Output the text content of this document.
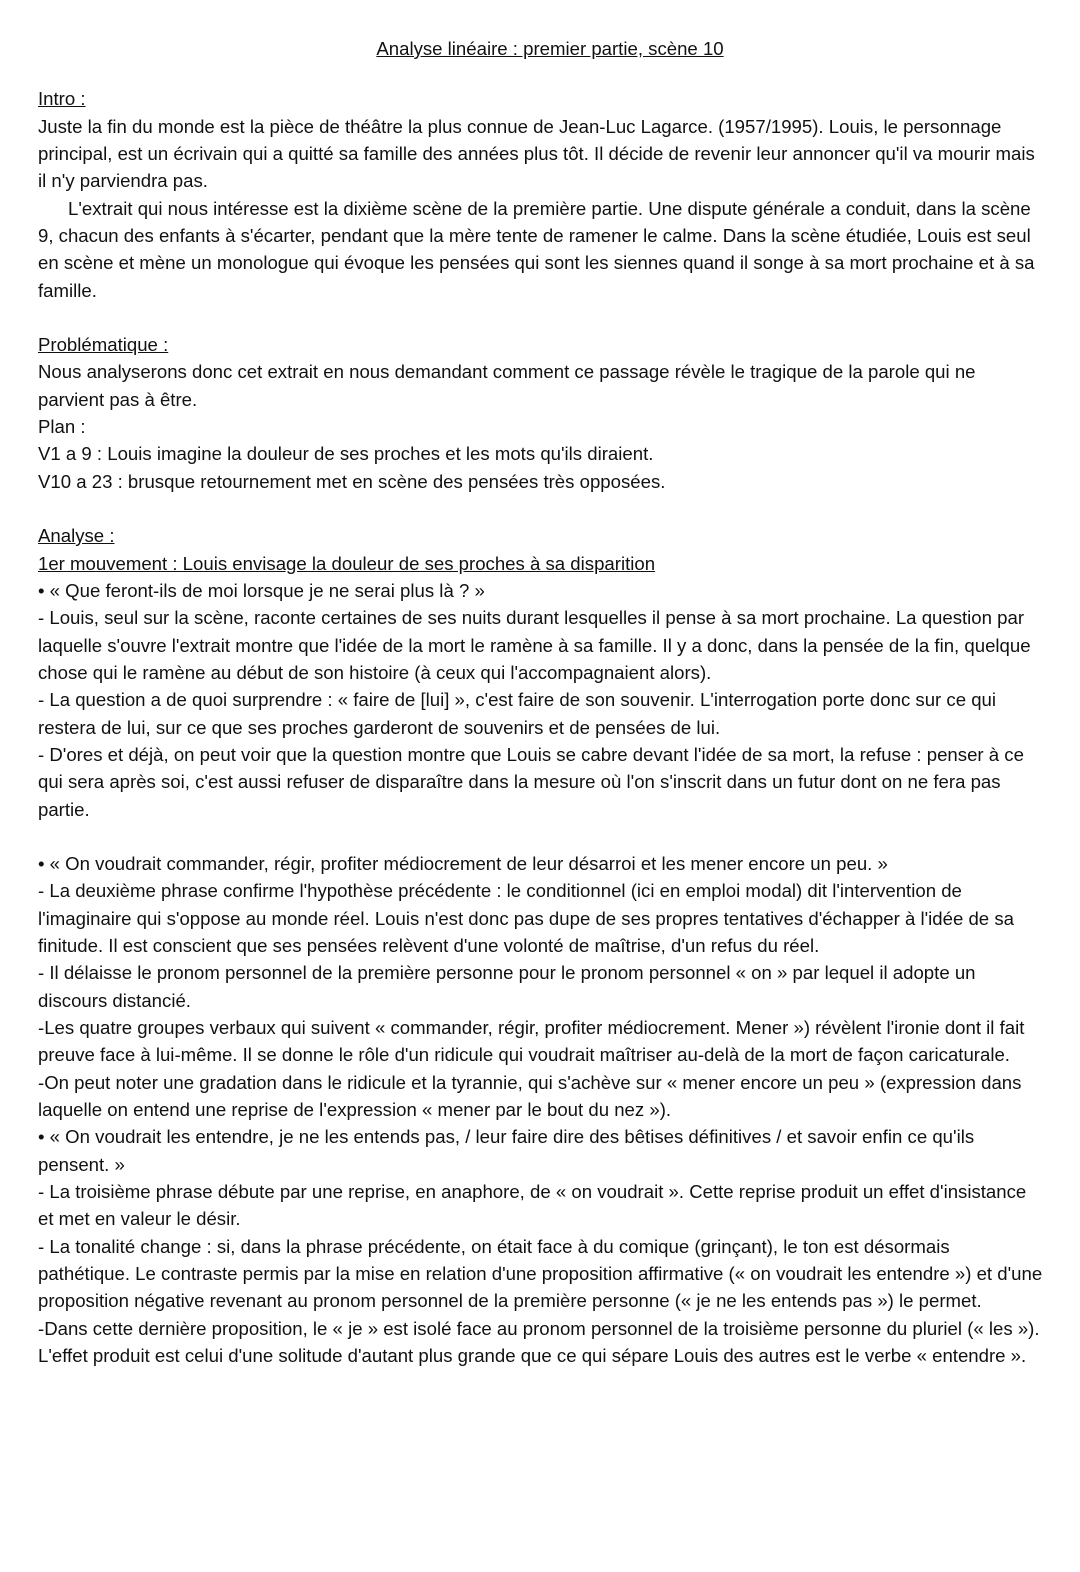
Analyse linéaire : premier partie, scène 10

Intro :

Juste la fin du monde est la pièce de théâtre la plus connue de Jean-Luc Lagarce. (1957/1995). Louis, le personnage principal, est un écrivain qui a quitté sa famille des années plus tôt. Il décide de revenir leur annoncer qu'il va mourir mais il n'y parviendra pas.

L'extrait qui nous intéresse est la dixième scène de la première partie. Une dispute générale a conduit, dans la scène 9, chacun des enfants à s'écarter, pendant que la mère tente de ramener le calme. Dans la scène étudiée, Louis est seul en scène et mène un monologue qui évoque les pensées qui sont les siennes quand il songe à sa mort prochaine et à sa famille.

Problématique :

Nous analyserons donc cet extrait en nous demandant comment ce passage révèle le tragique de la parole qui ne parvient pas à être.

Plan :

V1 a 9 : Louis imagine la douleur de ses proches et les mots qu'ils diraient.

V10 a 23 : brusque retournement met en scène des pensées très opposées.

Analyse :

1er mouvement : Louis envisage la douleur de ses proches à sa disparition

• « Que feront-ils de moi lorsque je ne serai plus là ? »

- Louis, seul sur la scène, raconte certaines de ses nuits durant lesquelles il pense à sa mort prochaine. La question par laquelle s'ouvre l'extrait montre que l'idée de la mort le ramène à sa famille. Il y a donc, dans la pensée de la fin, quelque chose qui le ramène au début de son histoire (à ceux qui l'accompagnaient alors).

- La question a de quoi surprendre : « faire de [lui] », c'est faire de son souvenir. L'interrogation porte donc sur ce qui restera de lui, sur ce que ses proches garderont de souvenirs et de pensées de lui.

- D'ores et déjà, on peut voir que la question montre que Louis se cabre devant l'idée de sa mort, la refuse : penser à ce qui sera après soi, c'est aussi refuser de disparaître dans la mesure où l'on s'inscrit dans un futur dont on ne fera pas partie.

• « On voudrait commander, régir, profiter médiocrement de leur désarroi et les mener encore un peu. »

- La deuxième phrase confirme l'hypothèse précédente : le conditionnel (ici en emploi modal) dit l'intervention de l'imaginaire qui s'oppose au monde réel. Louis n'est donc pas dupe de ses propres tentatives d'échapper à l'idée de sa finitude. Il est conscient que ses pensées relèvent d'une volonté de maîtrise, d'un refus du réel.

- Il délaisse le pronom personnel de la première personne pour le pronom personnel « on » par lequel il adopte un discours distancié.

-Les quatre groupes verbaux qui suivent « commander, régir, profiter médiocrement. Mener ») révèlent l'ironie dont il fait preuve face à lui-même. Il se donne le rôle d'un ridicule qui voudrait maîtriser au-delà de la mort de façon caricaturale.

-On peut noter une gradation dans le ridicule et la tyrannie, qui s'achève sur « mener encore un peu » (expression dans laquelle on entend une reprise de l'expression « mener par le bout du nez »).

• « On voudrait les entendre, je ne les entends pas, / leur faire dire des bêtises définitives / et savoir enfin ce qu'ils pensent. »

- La troisième phrase débute par une reprise, en anaphore, de « on voudrait ». Cette reprise produit un effet d'insistance et met en valeur le désir.

- La tonalité change : si, dans la phrase précédente, on était face à du comique (grinçant), le ton est désormais pathétique. Le contraste permis par la mise en relation d'une proposition affirmative (« on voudrait les entendre ») et d'une proposition négative revenant au pronom personnel de la première personne (« je ne les entends pas ») le permet.

-Dans cette dernière proposition, le « je » est isolé face au pronom personnel de la troisième personne du pluriel (« les »). L'effet produit est celui d'une solitude d'autant plus grande que ce qui sépare Louis des autres est le verbe « entendre ».
